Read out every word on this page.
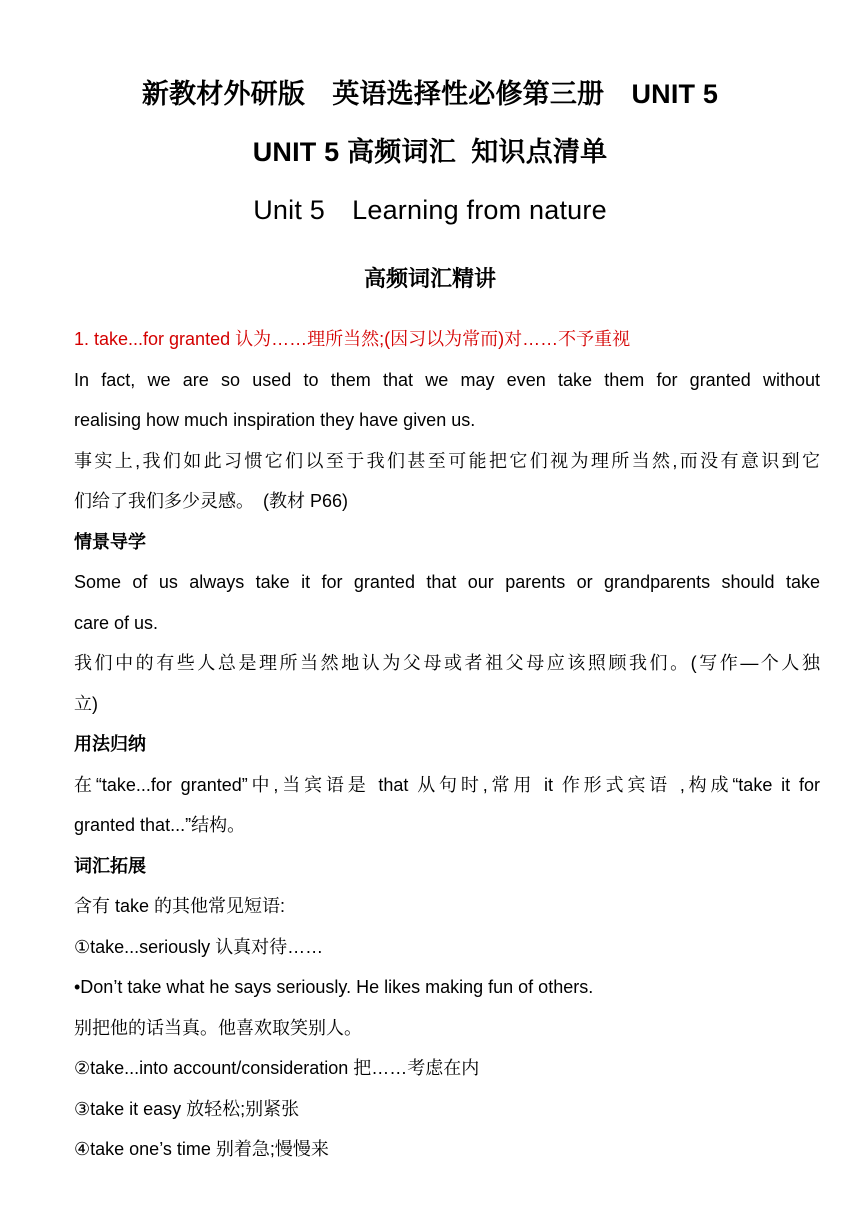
新教材外研版　英语选择性必修第三册　UNIT 5
UNIT 5 高频词汇  知识点清单
Unit 5　Learning from nature
高频词汇精讲
1. take...for granted 认为……理所当然;(因习以为常而)对……不予重视
In fact, we are so used to them that we may even take them for granted without
realising how much inspiration they have given us.
事实上,我们如此习惯它们以至于我们甚至可能把它们视为理所当然,而没有意识到它
们给了我们多少灵感。　(教材 P66)
情景导学
Some of us always take it for granted that our parents or grandparents should take
care of us.
我们中的有些人总是理所当然地认为父母或者祖父母应该照顾我们。(写作—个人独
立)
用法归纳
在“take...for granted”中,当宾语是 that 从句时,常用 it 作形式宾语 ,构成“take it for
granted that...”结构。
词汇拓展
含有 take 的其他常见短语:
①take...seriously 认真对待……
•Don’t take what he says seriously. He likes making fun of others.
别把他的话当真。他喜欢取笑别人。
②take...into account/consideration 把……考虑在内
③take it easy 放轻松;别紧张
④take one’s time 别着急;慢慢来
